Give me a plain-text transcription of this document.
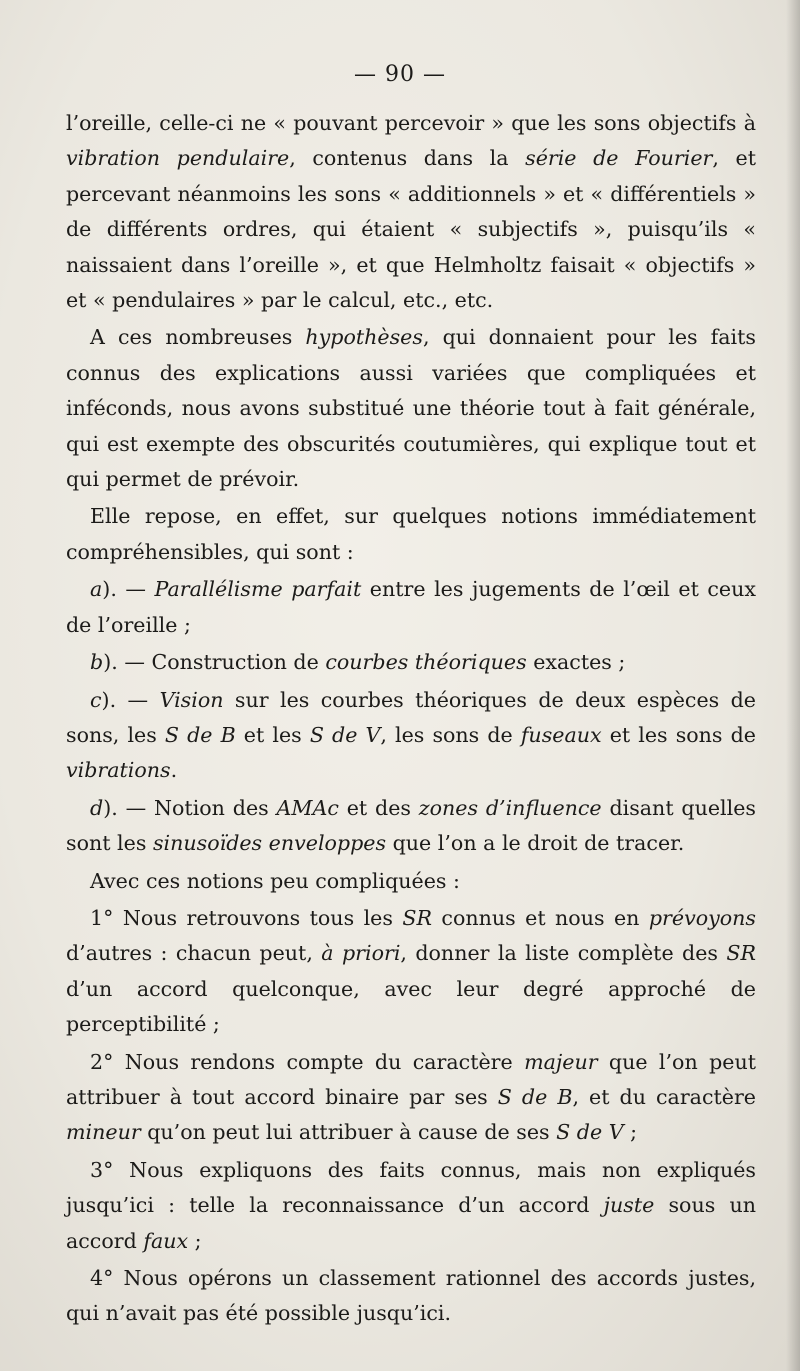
— 90 —

l’oreille, celle-ci ne « pouvant percevoir » que les sons objectifs à vibration pendulaire, contenus dans la série de Fourier, et percevant néanmoins les sons « additionnels » et « différentiels » de différents ordres, qui étaient « subjectifs », puisqu’ils « naissaient dans l’oreille », et que Helmholtz faisait « objectifs » et « pendulaires » par le calcul, etc., etc.

A ces nombreuses hypothèses, qui donnaient pour les faits connus des explications aussi variées que compliquées et inféconds, nous avons substitué une théorie tout à fait générale, qui est exempte des obscurités coutumières, qui explique tout et qui permet de prévoir.

Elle repose, en effet, sur quelques notions immédiatement compréhensibles, qui sont :

a). — Parallélisme parfait entre les jugements de l’œil et ceux de l’oreille ;

b). — Construction de courbes théoriques exactes ;

c). — Vision sur les courbes théoriques de deux espèces de sons, les S de B et les S de V, les sons de fuseaux et les sons de vibrations.

d). — Notion des AMAc et des zones d’influence disant quelles sont les sinusoïdes enveloppes que l’on a le droit de tracer.

Avec ces notions peu compliquées :

1° Nous retrouvons tous les SR connus et nous en prévoyons d’autres : chacun peut, à priori, donner la liste complète des SR d’un accord quelconque, avec leur degré approché de perceptibilité ;

2° Nous rendons compte du caractère majeur que l’on peut attribuer à tout accord binaire par ses S de B, et du caractère mineur qu’on peut lui attribuer à cause de ses S de V ;

3° Nous expliquons des faits connus, mais non expliqués jusqu’ici : telle la reconnaissance d’un accord juste sous un accord faux ;

4° Nous opérons un classement rationnel des accords justes, qui n’avait pas été possible jusqu’ici.
